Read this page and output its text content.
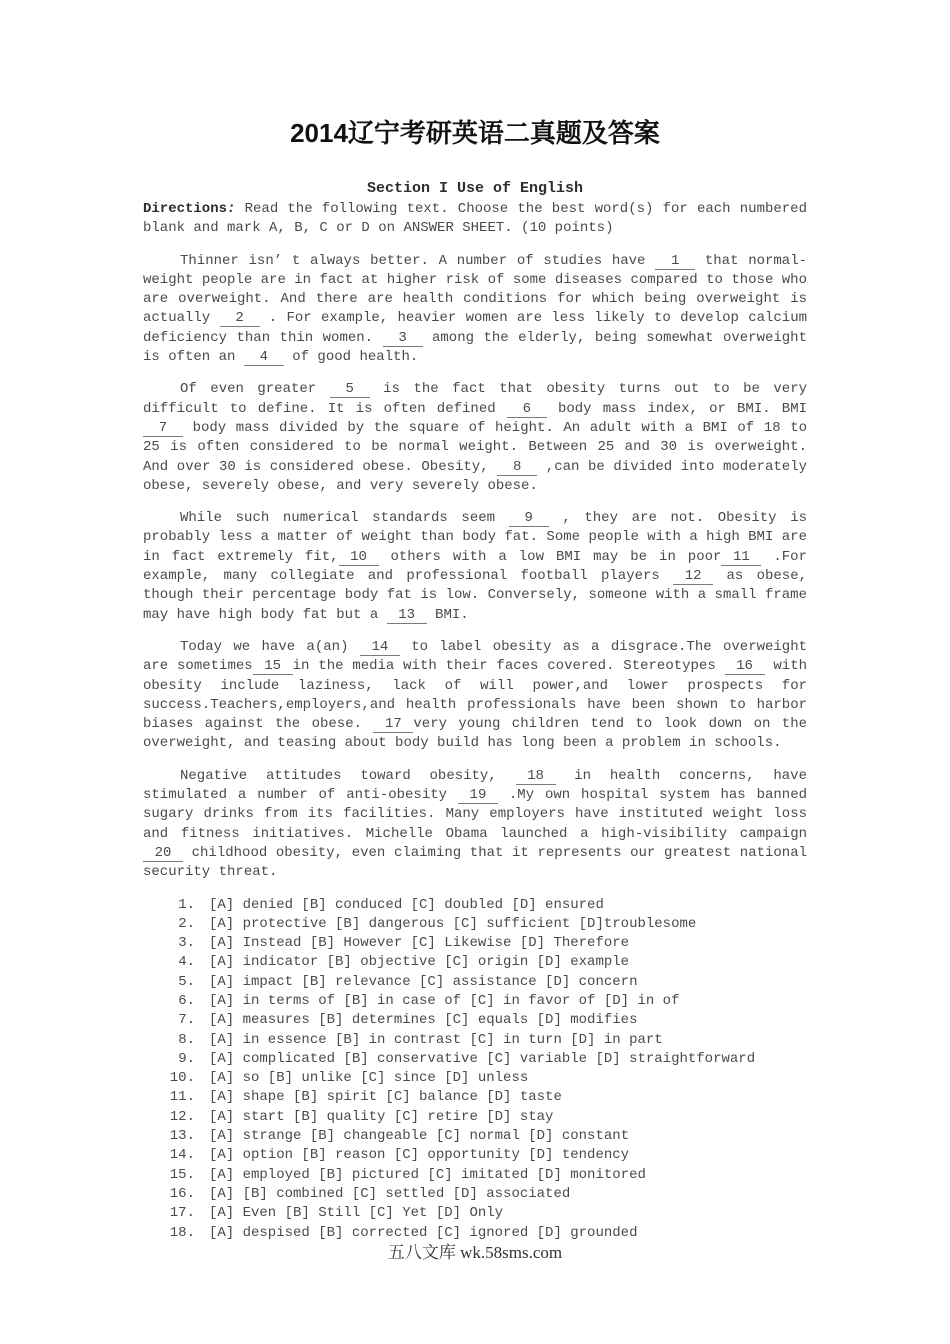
2014辽宁考研英语二真题及答案
Section I Use of English

Directions: Read the following text. Choose the best word(s) for each numbered blank and mark A, B, C or D on ANSWER SHEET. (10 points)

Thinner isn’ t always better. A number of studies have 1 that normal-weight people are in fact at higher risk of some diseases compared to those who are overweight. And there are health conditions for which being overweight is actually 2 . For example, heavier women are less likely to develop calcium deficiency than thin women. 3 among the elderly, being somewhat overweight is often an 4 of good health.

Of even greater 5 is the fact that obesity turns out to be very difficult to define. It is often defined 6 body mass index, or BMI. BMI 7 body mass divided by the square of height. An adult with a BMI of 18 to 25 is often considered to be normal weight. Between 25 and 30 is overweight. And over 30 is considered obese. Obesity, 8 ,can be divided into moderately obese, severely obese, and very severely obese.

While such numerical standards seem 9 , they are not. Obesity is probably less a matter of weight than body fat. Some people with a high BMI are in fact extremely fit, 10 others with a low BMI may be in poor 11 .For example, many collegiate and professional football players 12 as obese, though their percentage body fat is low. Conversely, someone with a small frame may have high body fat but a 13 BMI.

Today we have a(an) 14 to label obesity as a disgrace.The overweight are sometimes 15 in the media with their faces covered. Stereotypes 16 with obesity include laziness, lack of will power,and lower prospects for success.Teachers,employers,and health professionals have been shown to harbor biases against the obese. 17 very young children tend to look down on the overweight, and teasing about body build has long been a problem in schools.

Negative attitudes toward obesity, 18 in health concerns, have stimulated a number of anti-obesity 19 .My own hospital system has banned sugary drinks from its facilities. Many employers have instituted weight loss and fitness initiatives. Michelle Obama launched a high-visibility campaign 20 childhood obesity, even claiming that it represents our greatest national security threat.

1.	[A] denied [B] conduced [C] doubled [D] ensured
2.	[A] protective [B] dangerous [C] sufficient [D]troublesome
3.	[A] Instead [B] However [C] Likewise [D] Therefore
4.	[A] indicator [B] objective [C] origin [D] example
5.	[A] impact [B] relevance [C] assistance [D] concern
6.	[A] in terms of [B] in case of [C] in favor of [D] in of
7.	[A] measures [B] determines [C] equals [D] modifies
8.	[A] in essence [B] in contrast [C] in turn [D] in part
9.	[A] complicated [B] conservative [C] variable [D] straightforward
10.	[A] so [B] unlike [C] since [D] unless
11.	[A] shape [B] spirit [C] balance [D] taste
12.	[A] start [B] quality [C] retire [D] stay
13.	[A] strange [B] changeable [C] normal [D] constant
14.	[A] option [B] reason [C] opportunity [D] tendency
15.	[A] employed [B] pictured [C] imitated [D] monitored
16.	[A] [B] combined [C] settled [D] associated
17.	[A] Even [B] Still [C] Yet [D] Only
18.	[A] despised [B] corrected [C] ignored [D] grounded
五八文库 wk.58sms.com
